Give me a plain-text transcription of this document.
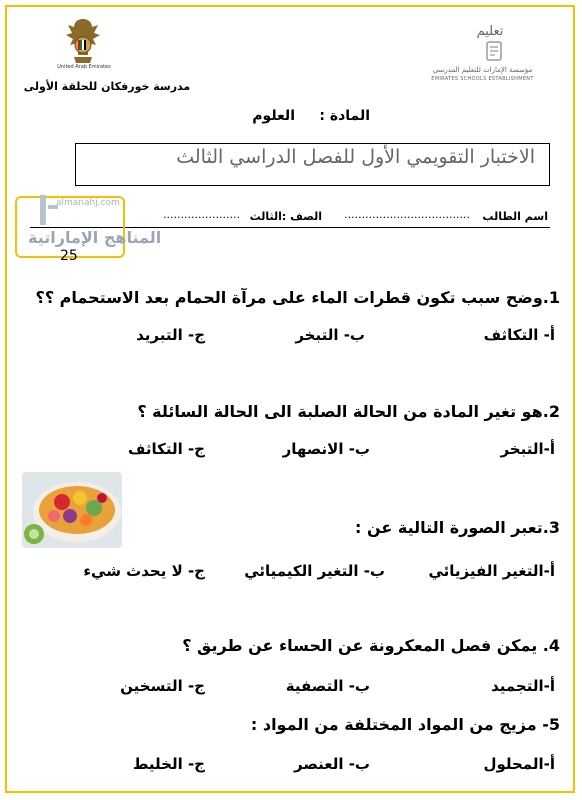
United Arab Emirates
مدرسة خورفكان للحلقة الأولى
تعليم
مؤسسة الإمارات للتعليم المدرسي
EMIRATES SCHOOLS ESTABLISHMENT
المادة :
العلوم
الاختبار التقويمي الأول للفصل الدراسي الثالث
اسم الطالب
....................................
الصف :الثالث
......................
almanahj.com
المناهج الإماراتية
25
1.وضح سبب تكون قطرات الماء على مرآة الحمام بعد الاستحمام ؟؟
أ- التكاثف
ب- التبخر
ج- التبريد
2.هو تغير المادة من الحالة الصلبة الى الحالة السائلة ؟
أ-التبخر
ب- الانصهار
ج- التكاثف
3.تعبر الصورة التالية عن :
أ-التغير الفيزيائي
ب- التغير الكيميائي
ج- لا يحدث شيء
4. يمكن فصل المعكرونة عن الحساء عن طريق ؟
أ-التجميد
ب- التصفية
ج- التسخين
5- مزيج من المواد المختلفة من المواد :
أ-المحلول
ب- العنصر
ج- الخليط
